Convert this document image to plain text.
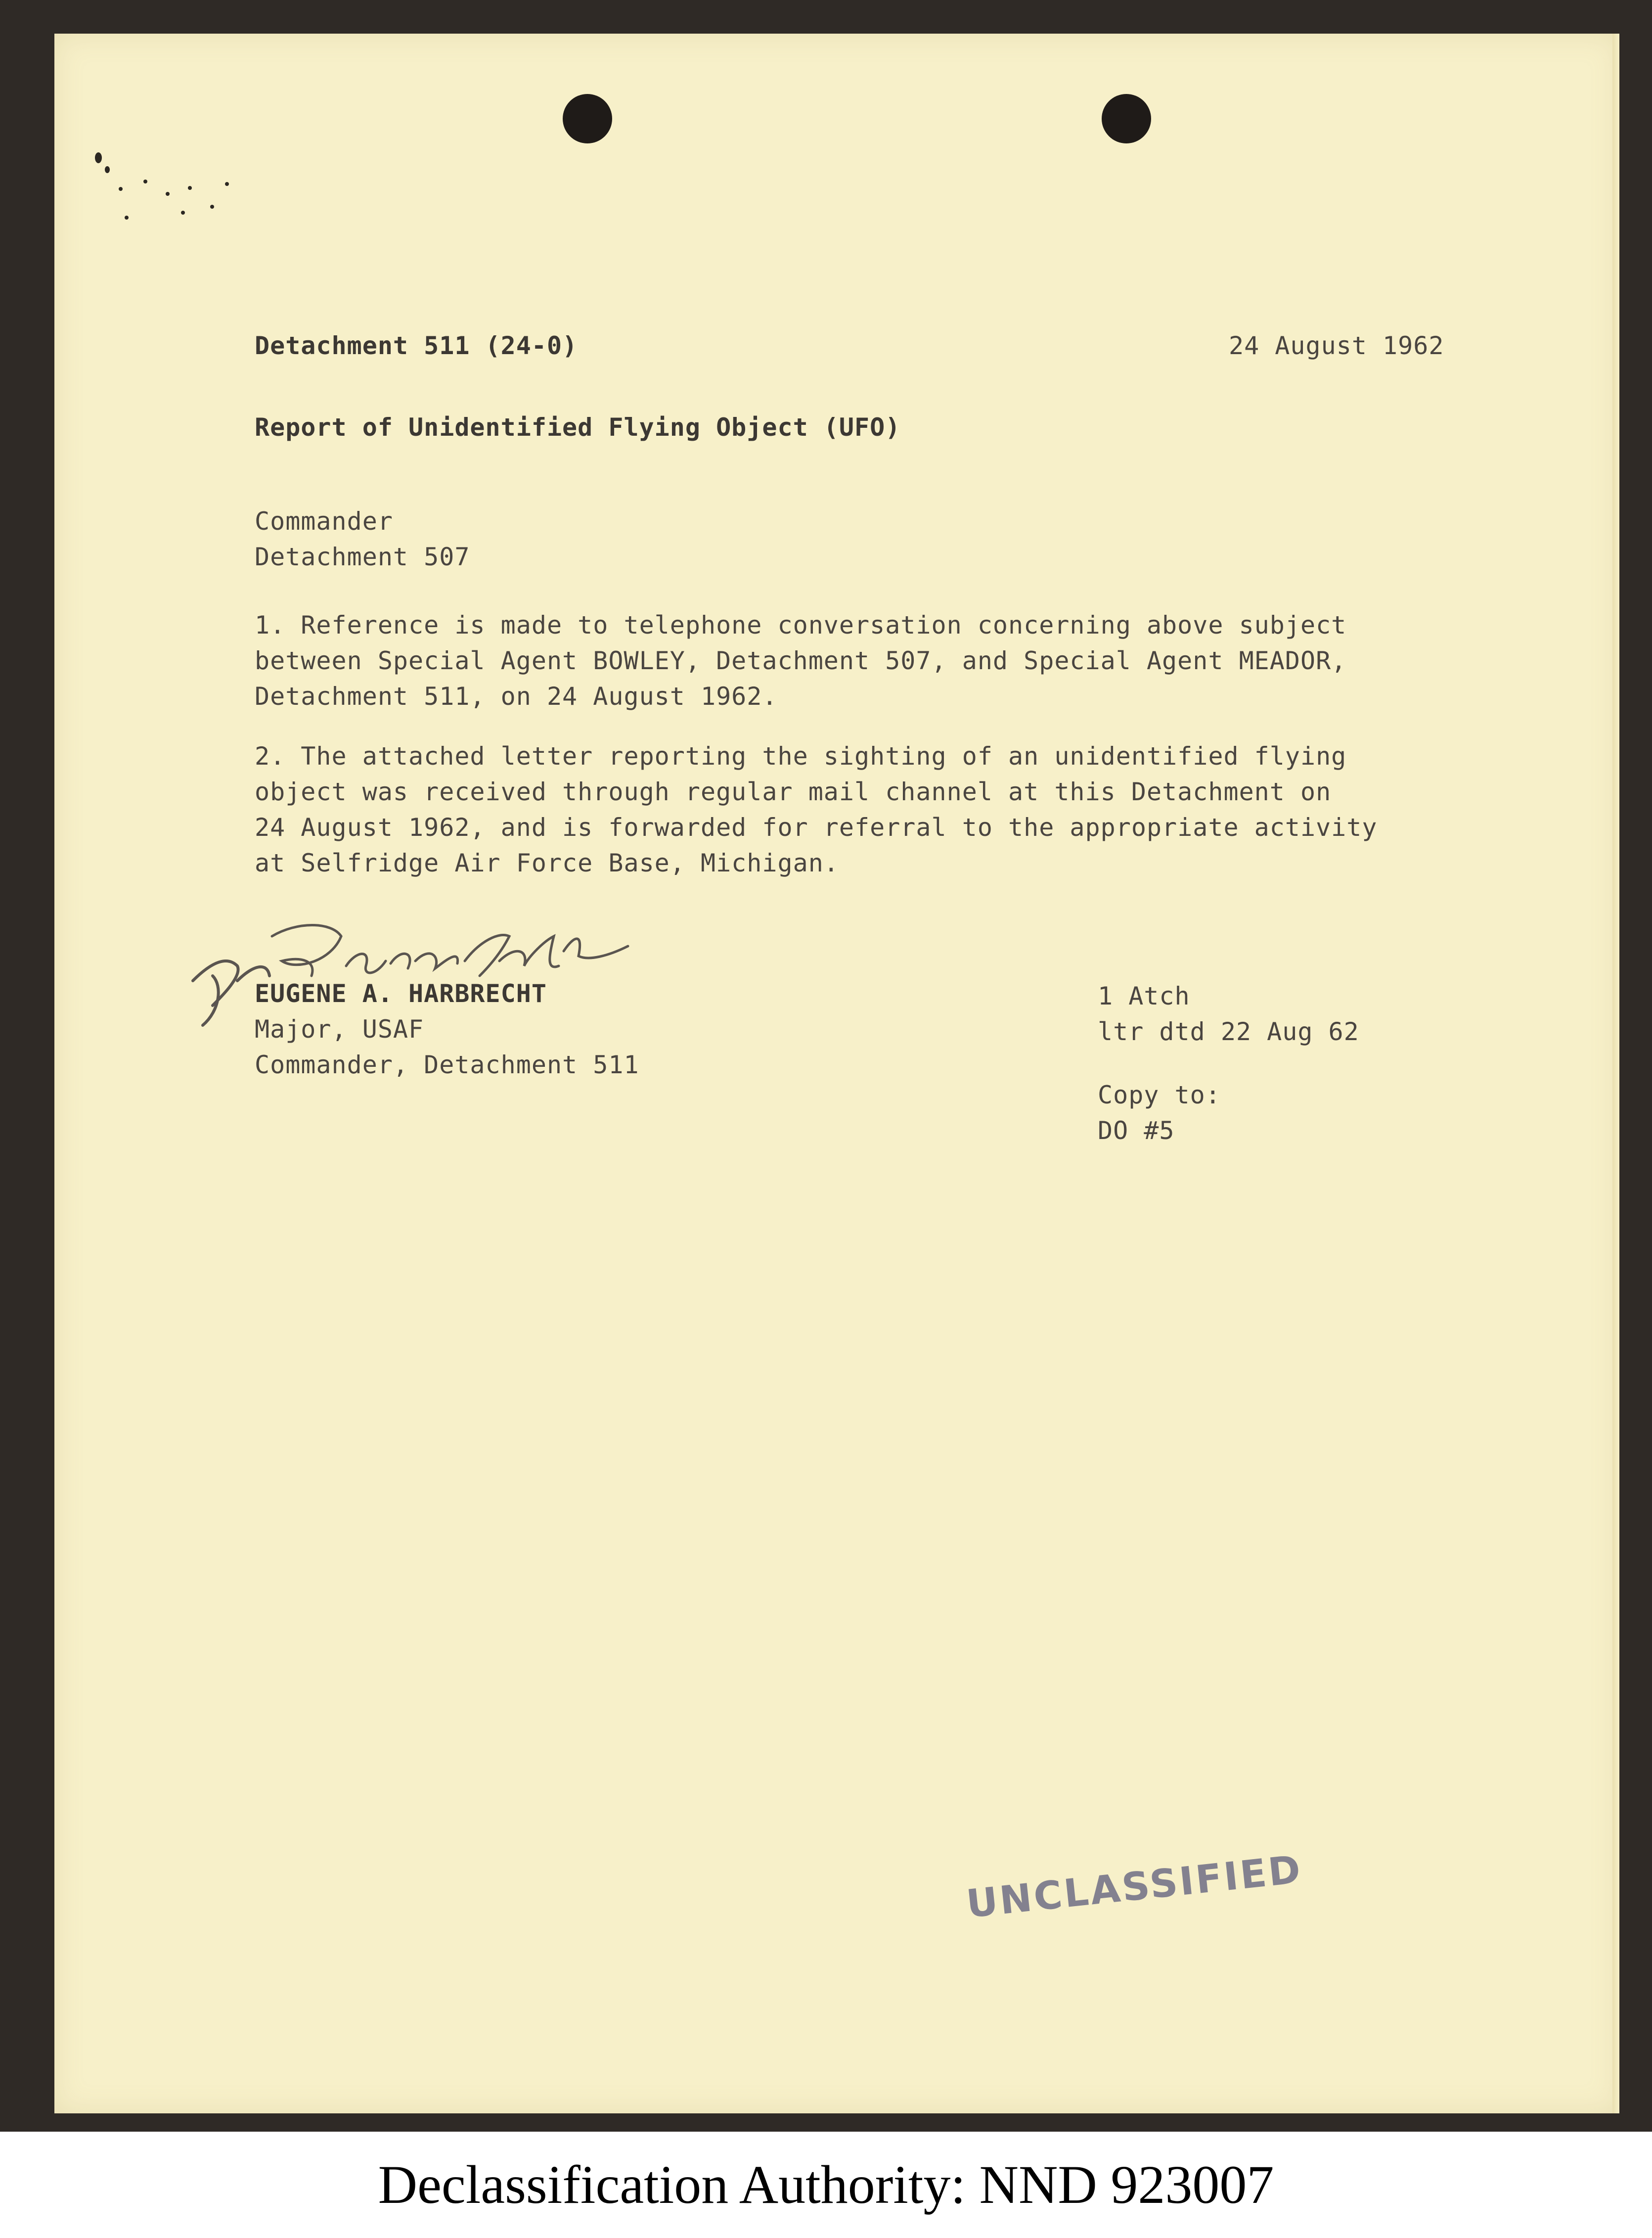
Detachment 511 (24-0)	24 August 1962
Report of Unidentified Flying Object (UFO)
Commander
Detachment 507
1. Reference is made to telephone conversation concerning above subject
between Special Agent BOWLEY, Detachment 507, and Special Agent MEADOR,
Detachment 511, on 24 August 1962.
2. The attached letter reporting the sighting of an unidentified flying
object was received through regular mail channel at this Detachment on
24 August 1962, and is forwarded for referral to the appropriate activity
at Selfridge Air Force Base, Michigan.
EUGENE A. HARBRECHT
Major, USAF
Commander, Detachment 511
1 Atch
ltr dtd 22 Aug 62
Copy to:
DO #5
UNCLASSIFIED
Declassification Authority: NND 923007
